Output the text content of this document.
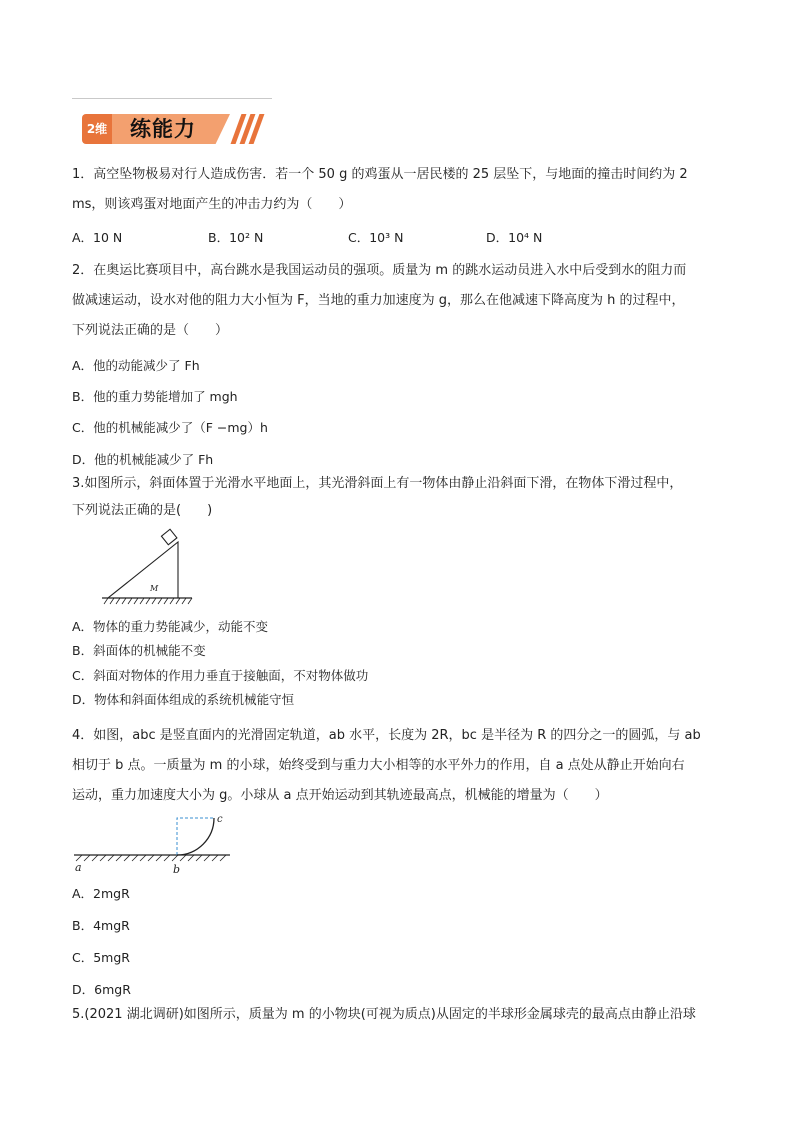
2维 练能力
1．高空坠物极易对行人造成伤害．若一个 50 g 的鸡蛋从一居民楼的 25 层坠下，与地面的撞击时间约为 2
ms，则该鸡蛋对地面产生的冲击力约为（　　）
A．10 N	B．10² N	C．10³ N	D．10⁴ N
2．在奥运比赛项目中，高台跳水是我国运动员的强项。质量为 m 的跳水运动员进入水中后受到水的阻力而
做减速运动，设水对他的阻力大小恒为 F，当地的重力加速度为 g，那么在他减速下降高度为 h 的过程中，
下列说法正确的是（　　）
A．他的动能减少了 Fh
B．他的重力势能增加了 mgh
C．他的机械能减少了（F −mg）h
D．他的机械能减少了 Fh
3.如图所示，斜面体置于光滑水平地面上，其光滑斜面上有一物体由静止沿斜面下滑，在物体下滑过程中，
下列说法正确的是(　　)
M
A．物体的重力势能减少，动能不变
B．斜面体的机械能不变
C．斜面对物体的作用力垂直于接触面，不对物体做功
D．物体和斜面体组成的系统机械能守恒
4．如图，abc 是竖直面内的光滑固定轨道，ab 水平，长度为 2R，bc 是半径为 R 的四分之一的圆弧，与 ab
相切于 b 点。一质量为 m 的小球，始终受到与重力大小相等的水平外力的作用，自 a 点处从静止开始向右
运动，重力加速度大小为 g。小球从 a 点开始运动到其轨迹最高点，机械能的增量为（　　）
a	b
c
A．2mgR
B．4mgR
C．5mgR
D．6mgR
5.(2021 湖北调研)如图所示，质量为 m 的小物块(可视为质点)从固定的半球形金属球壳的最高点由静止沿球
